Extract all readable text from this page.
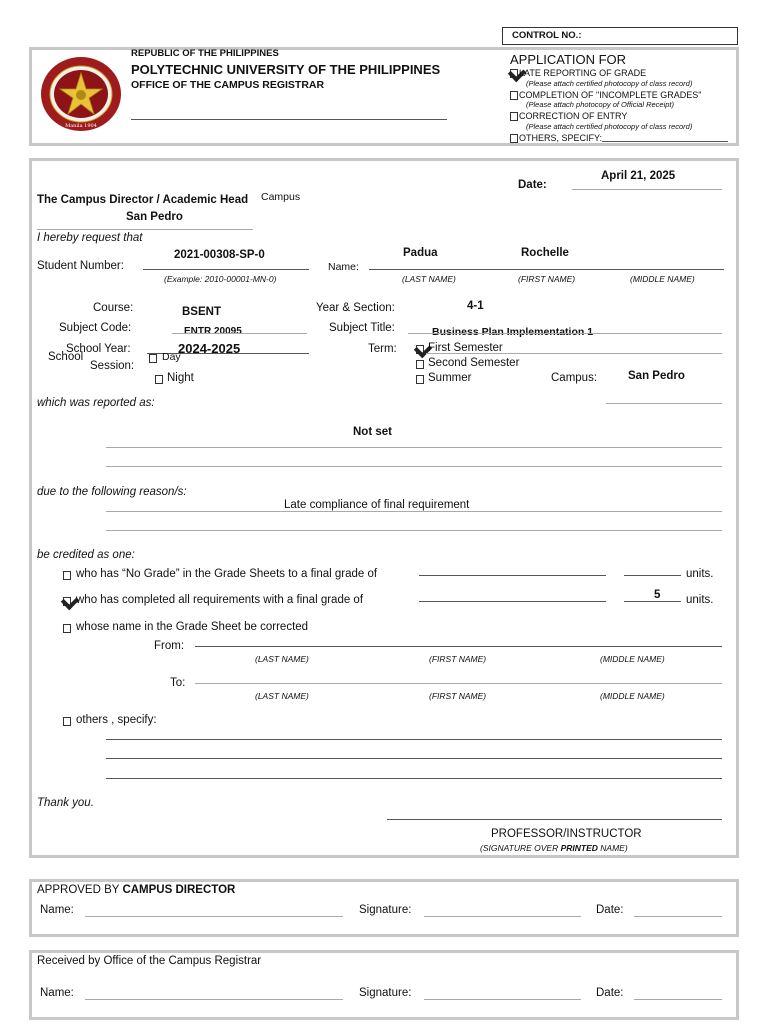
CONTROL NO.:
Manila 1904
REPUBLIC OF THE PHILIPPINES
POLYTECHNIC UNIVERSITY OF THE PHILIPPINES
OFFICE OF THE CAMPUS REGISTRAR
APPLICATION FOR
LATE REPORTING OF GRADE
(Please attach certified photocopy of class record)
COMPLETION OF "INCOMPLETE GRADES"
(Please attach photocopy of Official Receipt)
CORRECTION OF ENTRY
(Please attach certified photocopy of class record)
OTHERS, SPECIFY:
Date:
April 21, 2025
The Campus Director / Academic Head Campus
San Pedro
I hereby request that
Student Number:
2021-00308-SP-0
(Example: 2010-00001-MN-0)
Name:
Padua	Rochelle
(LAST NAME)	(FIRST NAME)	(MIDDLE NAME)
Course:	BSENT	Year & Section:	4-1
Subject Code:	ENTR 20095	Subject Title:	Business Plan Implementation 1
School Year:	2024-2025
School
Session:
Day
Night
Term:	First Semester
Second Semester
Summer	Campus:	San Pedro
which was reported as:
Not set
due to the following reason/s:
Late compliance of final requirement
be credited as one:
who has “No Grade” in the Grade Sheets to a final grade of	units.
who has completed all requirements with a final grade of	5 units.
whose name in the Grade Sheet be corrected
From:
(LAST NAME)	(FIRST NAME)	(MIDDLE NAME)
To:
(LAST NAME)	(FIRST NAME)	(MIDDLE NAME)
others , specify:
Thank you.
PROFESSOR/INSTRUCTOR
(SIGNATURE OVER PRINTED NAME)
APPROVED BY CAMPUS DIRECTOR
Name:	Signature:	Date:
Received by Office of the Campus Registrar
Name:	Signature:	Date:
